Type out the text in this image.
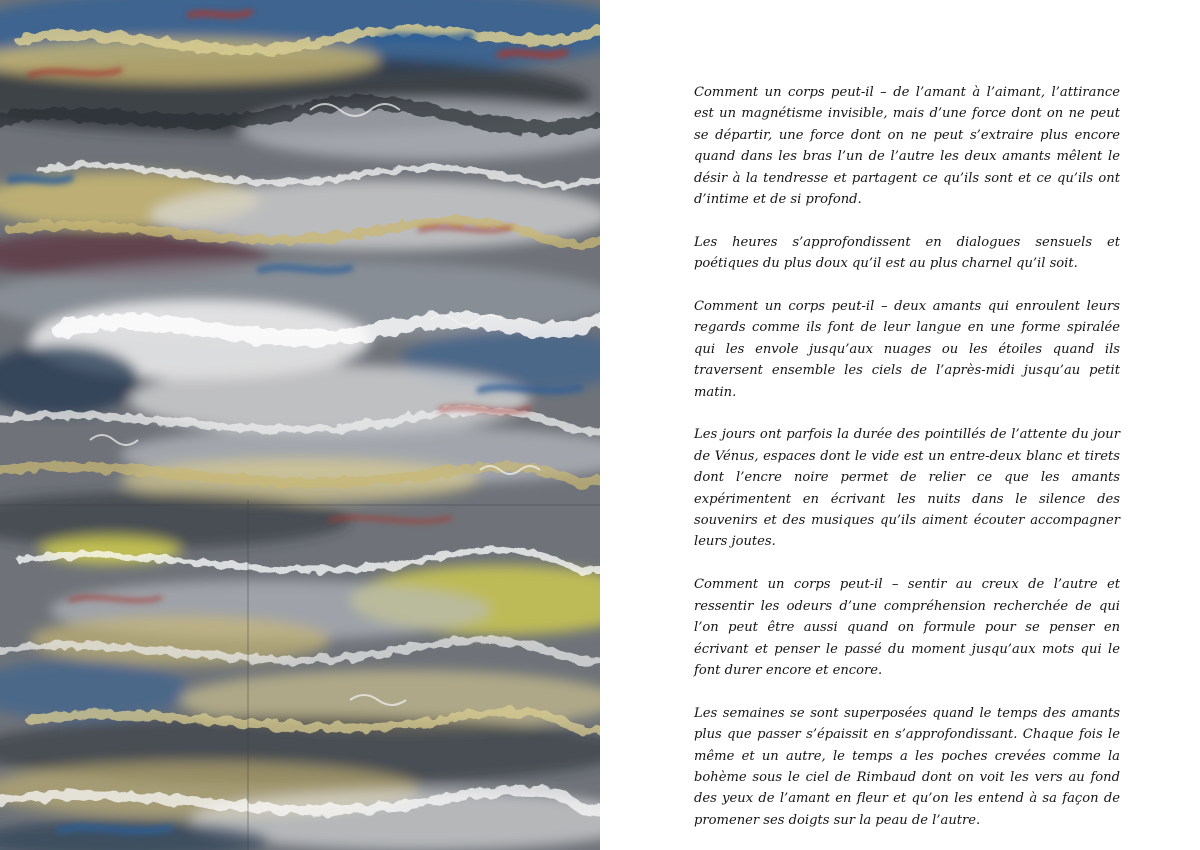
Comment un corps peut-il – de l’amant à l’aimant, l’attirance est un magnétisme invisible, mais d’une force dont on ne peut se départir, une force dont on ne peut s’extraire plus encore quand dans les bras l’un de l’autre les deux amants mêlent le désir à la tendresse et partagent ce qu’ils sont et ce qu’ils ont d’intime et de si profond.

Les heures s’approfondissent en dialogues sensuels et poétiques du plus doux qu’il est au plus charnel qu’il soit.

Comment un corps peut-il – deux amants qui enroulent leurs regards comme ils font de leur langue en une forme spiralée qui les envole jusqu’aux nuages ou les étoiles quand ils traversent ensemble les ciels de l’après-midi jusqu’au petit matin.

Les jours ont parfois la durée des pointillés de l’attente du jour de Vénus, espaces dont le vide est un entre-deux blanc et tirets dont l’encre noire permet de relier ce que les amants expérimentent en écrivant les nuits dans le silence des souvenirs et des musiques qu’ils aiment écouter accompagner leurs joutes.

Comment un corps peut-il – sentir au creux de l’autre et ressentir les odeurs d’une compréhension recherchée de qui l’on peut être aussi quand on formule pour se penser en écrivant et penser le passé du moment jusqu’aux mots qui le font durer encore et encore.

Les semaines se sont superposées quand le temps des amants plus que passer s’épaissit en s’approfondissant. Chaque fois le même et un autre, le temps a les poches crevées comme la bohème sous le ciel de Rimbaud dont on voit les vers au fond des yeux de l’amant en fleur et qu’on les entend à sa façon de promener ses doigts sur la peau de l’autre.
